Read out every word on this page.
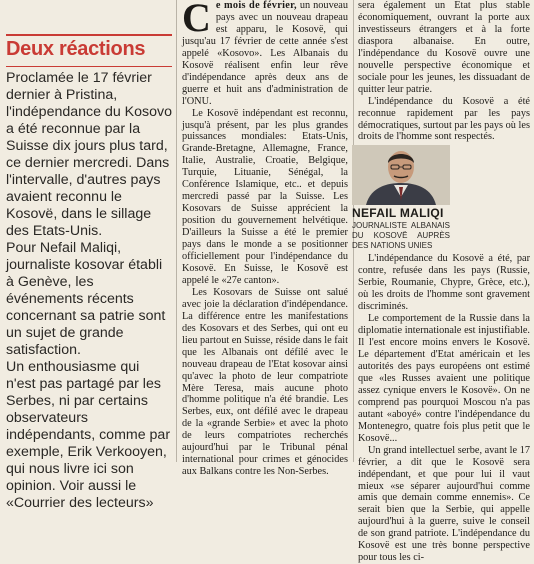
Deux réactions

Proclamée le 17 février dernier à Pristina, l'indépendance du Kosovo a été reconnue par la Suisse dix jours plus tard, ce dernier mercredi. Dans l'intervalle, d'autres pays avaient reconnu le Kosovë, dans le sillage des Etats-Unis.

Pour Nefail Maliqi, journaliste kosovar établi à Genève, les événements récents concernant sa patrie sont un sujet de grande satisfaction.

Un enthousiasme qui n'est pas partagé par les Serbes, ni par certains observateurs indépendants, comme par exemple, Erik Verkooyen, qui nous livre ici son opinion. Voir aussi le «Courrier des lecteurs»

Ce mois de février, un nouveau pays avec un nouveau drapeau est apparu, le Kosovë, qui jusqu'au 17 février de cette année s'est appelé «Kosovo». Les Albanais du Kosovë réalisent enfin leur rêve d'indépendance après deux ans de guerre et huit ans d'administration de l'ONU.

Le Kosovë indépendant est reconnu, jusqu'à présent, par les plus grandes puissances mondiales: Etats-Unis, Grande-Bretagne, Allemagne, France, Italie, Australie, Croatie, Belgique, Turquie, Lituanie, Sénégal, la Conférence Islamique, etc.. et depuis mercredi passé par la Suisse. Les Kosovars de Suisse apprécient la position du gouvernement helvétique. D'ailleurs la Suisse a été le premier pays dans le monde a se positionner officiellement pour l'indépendance du Kosovë. En Suisse, le Kosovë est appelé le «27e canton».

Les Kosovars de Suisse ont salué avec joie la déclaration d'indépendance. La différence entre les manifestations des Kosovars et des Serbes, qui ont eu lieu partout en Suisse, réside dans le fait que les Albanais ont défilé avec le nouveau drapeau de l'Etat kosovar ainsi qu'avec la photo de leur compatriote Mère Teresa, mais aucune photo d'homme politique n'a été brandie. Les Serbes, eux, ont défilé avec le drapeau de la «grande Serbie» et avec la photo de leurs compatriotes recherchés aujourd'hui par le Tribunal pénal international pour crimes et génocides aux Balkans contre les Non-Serbes.

sera également un Etat plus stable économiquement, ouvrant la porte aux investisseurs étrangers et à la forte diaspora albanaise. En outre, l'indépendance du Kosovë ouvre une nouvelle perspective économique et sociale pour les jeunes, les dissuadant de quitter leur patrie.

L'indépendance du Kosovë a été reconnue rapidement par les pays démocratiques, surtout par les pays où les droits de l'homme sont respectés.

NEFAIL MALIQI
JOURNALISTE ALBANAIS DU KOSOVË AUPRÈS DES NATIONS UNIES

L'indépendance du Kosovë a été, par contre, refusée dans les pays (Russie, Serbie, Roumanie, Chypre, Grèce, etc.), où les droits de l'homme sont gravement discriminés.

Le comportement de la Russie dans la diplomatie internationale est injustifiable. Il l'est encore moins envers le Kosovë. Le département d'Etat américain et les autorités des pays européens ont estimé que «les Russes avaient une politique assez cynique envers le Kosovë». On ne comprend pas pourquoi Moscou n'a pas autant «aboyé» contre l'indépendance du Montenegro, quatre fois plus petit que le Kosovë...

Un grand intellectuel serbe, avant le 17 février, a dit que le Kosovë sera indépendant, et que pour lui il vaut mieux «se séparer aujourd'hui comme amis que demain comme ennemis». Ce serait bien que la Serbie, qui appelle aujourd'hui à la guerre, suive le conseil de son grand patriote. L'indépendance du Kosovë est une très bonne perspective pour tous les ci-
